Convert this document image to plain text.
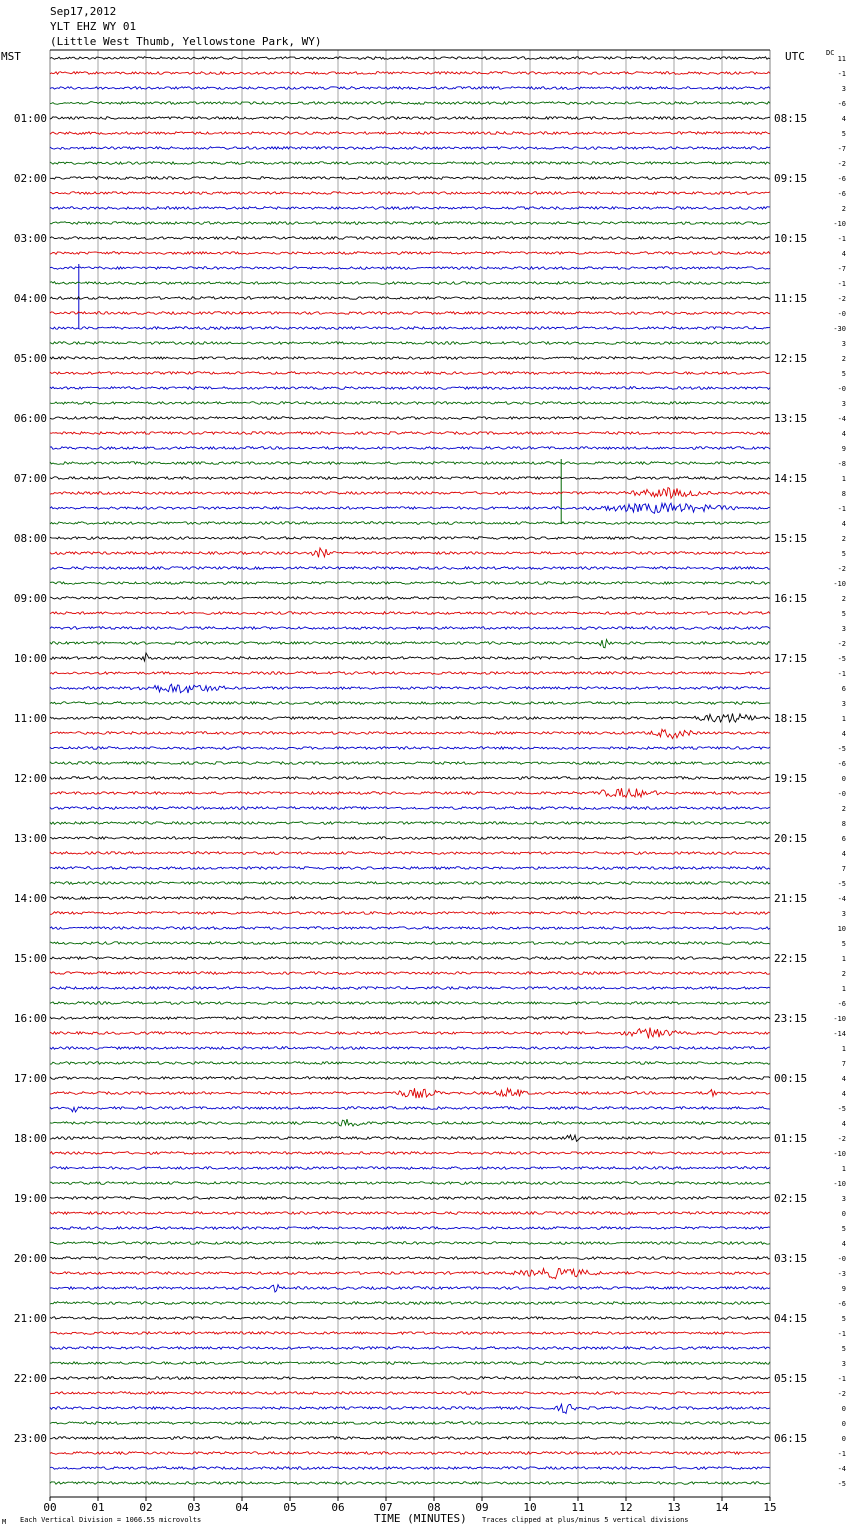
Sep17,2012
YLT EHZ WY 01
(Little West Thumb, Yellowstone Park, WY)
MST	UTC	DC
11
-1
3
-6
4
5
-7
-2
-6
-6
2
-10
-1
4
-7
-1
-2
-0
-30
3
2
5
-0
3
-4
4
9
-8
1
8
-1
4
2
5
-2
-10
2
5
3
-2
-5
-1
6
3
1
4
-5
-6
0
-0
2
8
6
4
7
-5
-4
3
10
5
1
2
1
-6
-10
-14
1
7
4
4
-5
4
-2
-10
1
-10
3
0
5
4
-0
-3
9
-6
5
-1
5
3
-1
-2
0
0
0
-1
-4
-5
01:00
02:00
03:00
04:00
05:00
06:00
07:00
08:00
09:00
10:00
11:00
12:00
13:00
14:00
15:00
16:00
17:00
18:00
19:00
20:00
21:00
22:00
23:00
08:15
09:15
10:15
11:15
12:15
13:15
14:15
15:15
16:15
17:15
18:15
19:15
20:15
21:15
22:15
23:15
00:15
01:15
02:15
03:15
04:15
05:15
06:15
00	01	02	03	04	05	06	07	08	09	10	11	12	13	14	15
Each Vertical Division = 1066.55 microvolts	TIME (MINUTES) Traces clipped at plus/minus 5 vertical divisions
M
